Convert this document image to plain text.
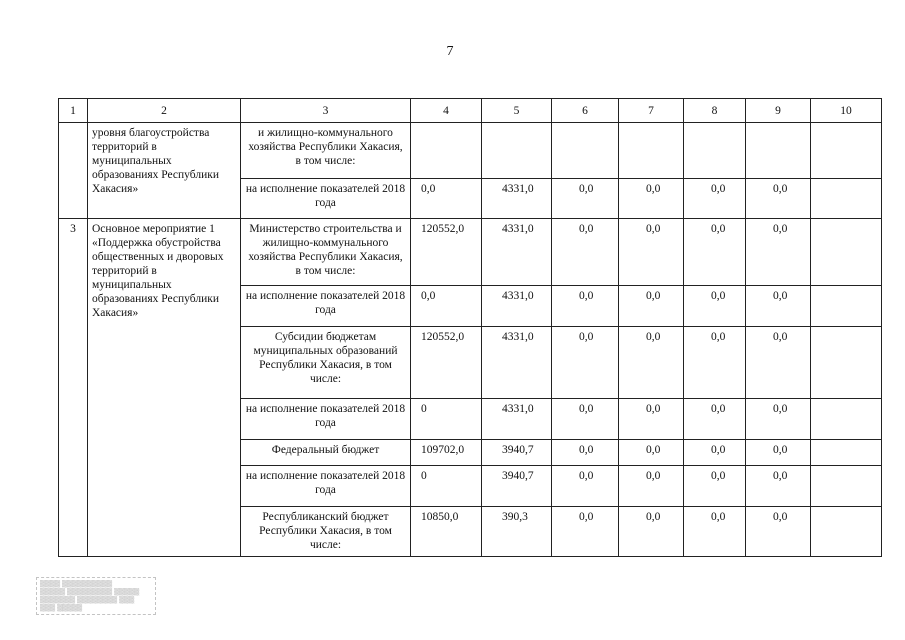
7
1	2	3	4	5	6	7	8	9	10
	уровня благоустройства территорий в муниципальных образованиях Республики Хакасия»	и жилищно-коммунального хозяйства Республики Хакасия, в том числе:							
		на исполнение показателей 2018 года	0,0	4331,0	0,0	0,0	0,0	0,0	
3	Основное мероприятие 1 «Поддержка обустройства общественных и дворовых территорий в муниципальных образованиях Республики Хакасия»	Министерство строительства и жилищно-коммунального хозяйства Республики Хакасия, в том числе:	120552,0	4331,0	0,0	0,0	0,0	0,0	
		на исполнение показателей 2018 года	0,0	4331,0	0,0	0,0	0,0	0,0	
		Субсидии бюджетам муниципальных образований Республики Хакасия, в том числе:	120552,0	4331,0	0,0	0,0	0,0	0,0	
		на исполнение показателей 2018 года	0	4331,0	0,0	0,0	0,0	0,0	
		Федеральный бюджет	109702,0	3940,7	0,0	0,0	0,0	0,0	
		на исполнение показателей 2018 года	0	3940,7	0,0	0,0	0,0	0,0	
		Республиканский бюджет Республики Хакасия, в том числе:	10850,0	390,3	0,0	0,0	0,0	0,0	
▒▒▒▒ ▒▒▒▒▒▒▒▒▒▒
▒▒▒▒▒ ▒▒▒▒▒▒▒▒▒ ▒▒▒▒▒
▒▒▒▒▒▒▒ ▒▒▒▒▒▒▒▒ ▒▒▒
▒▒▒ ▒▒▒▒▒
